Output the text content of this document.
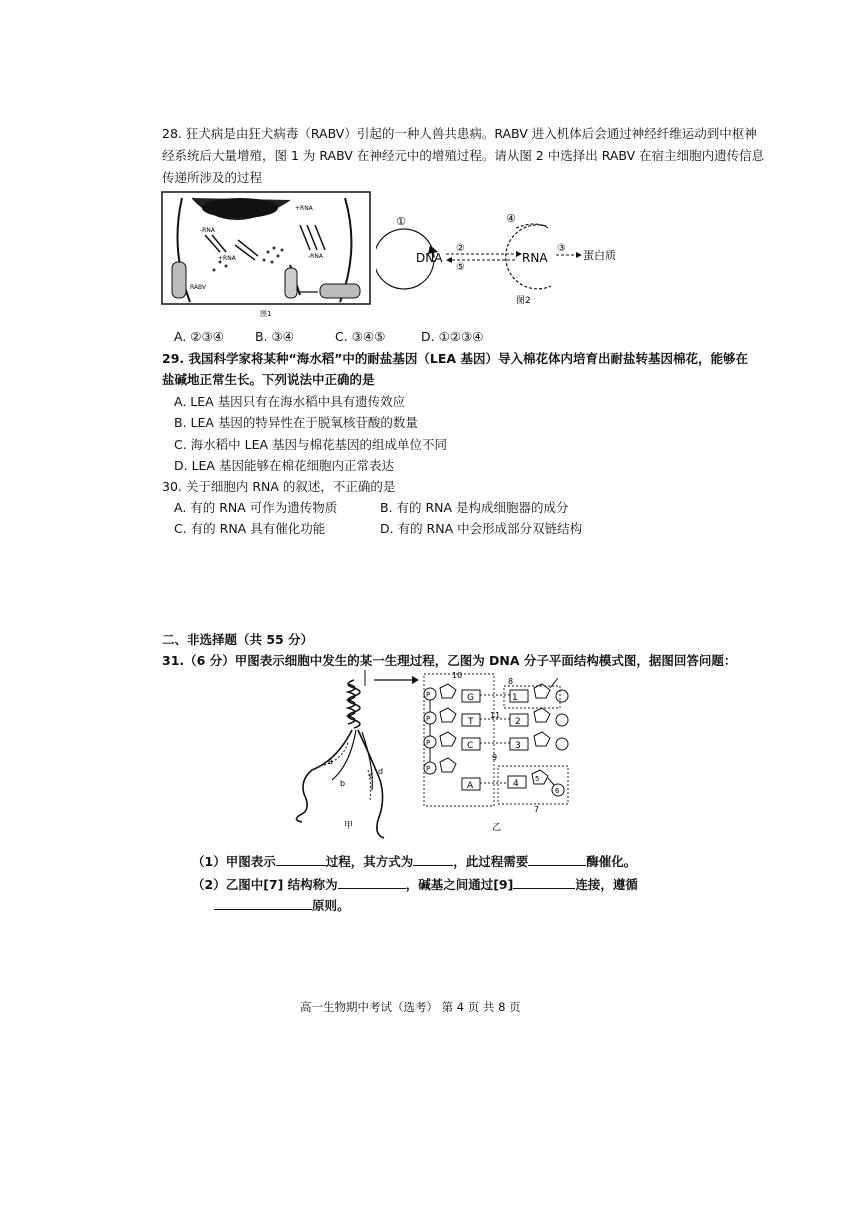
28. 狂犬病是由狂犬病毒（RABV）引起的一种人兽共患病。RABV 进入机体后会通过神经纤维运动到中枢神
经系统后大量增殖，图 1 为 RABV 在神经元中的增殖过程。请从图 2 中选择出 RABV 在宿主细胞内遗传信息
传递所涉及的过程
+RNA
-RNA
+RNA	-RNA
RABV
图1
①
DNA
②
⑤
④
RNA
③
蛋白质
图2
A. ②③④ B. ③④	C. ③④⑤	D. ①②③④
29. 我国科学家将某种“海水稻”中的耐盐基因（LEA 基因）导入棉花体内培育出耐盐转基因棉花，能够在
盐碱地正常生长。下列说法中正确的是
A. LEA 基因只有在海水稻中具有遗传效应
B. LEA 基因的特异性在于脱氧核苷酸的数量
C. 海水稻中 LEA 基因与棉花基因的组成单位不同
D. LEA 基因能够在棉花细胞内正常表达
30. 关于细胞内 RNA 的叙述，不正确的是
A. 有的 RNA 可作为遗传物质	B. 有的 RNA 是构成细胞器的成分
C. 有的 RNA 具有催化功能	D. 有的 RNA 中会形成部分双链结构
二、非选择题（共 55 分）
31.（6 分）甲图表示细胞中发生的某一生理过程，乙图为 DNA 分子平面结构模式图，据图回答问题：
a
b
c d
甲
10
8
11
9
7
P	G
P	T	2
P	C	3
P
A	4 5
6
1
乙
（1）甲图表示	过程，其方式为	，此过程需要	酶催化。
（2）乙图中[7] 结构称为	，碱基之间通过[9]	连接，遵循
原则。
高一生物期中考试（选考） 第 4 页 共 8 页
